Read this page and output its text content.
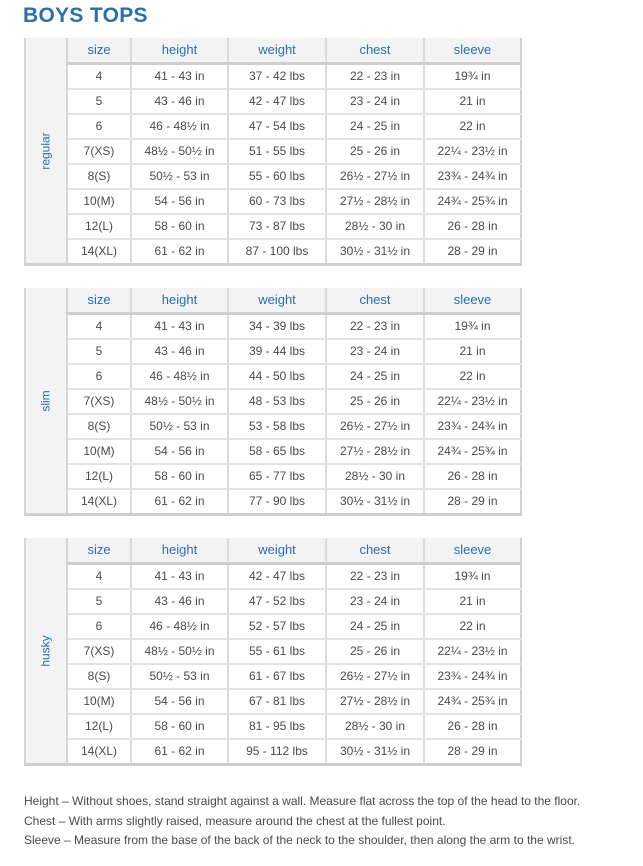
BOYS TOPS
regular	size	height	weight	chest	sleeve
	4	41 - 43 in	37 - 42 lbs	22 - 23 in	19¾ in
	5	43 - 46 in	42 - 47 lbs	23 - 24 in	21 in
	6	46 - 48½ in	47 - 54 lbs	24 - 25 in	22 in
	7(XS)	48½ - 50½ in	51 - 55 lbs	25 - 26 in	22¼ - 23½ in
	8(S)	50½ - 53 in	55 - 60 lbs	26½ - 27½ in	23¾ - 24¾ in
	10(M)	54 - 56 in	60 - 73 lbs	27½ - 28½ in	24¾ - 25¾ in
	12(L)	58 - 60 in	73 - 87 lbs	28½ - 30 in	26 - 28 in
	14(XL)	61 - 62 in	87 - 100 lbs	30½ - 31½ in	28 - 29 in
slim	size	height	weight	chest	sleeve
	4	41 - 43 in	34 - 39 lbs	22 - 23 in	19¾ in
	5	43 - 46 in	39 - 44 lbs	23 - 24 in	21 in
	6	46 - 48½ in	44 - 50 lbs	24 - 25 in	22 in
	7(XS)	48½ - 50½ in	48 - 53 lbs	25 - 26 in	22¼ - 23½ in
	8(S)	50½ - 53 in	53 - 58 lbs	26½ - 27½ in	23¾ - 24¾ in
	10(M)	54 - 56 in	58 - 65 lbs	27½ - 28½ in	24¾ - 25¾ in
	12(L)	58 - 60 in	65 - 77 lbs	28½ - 30 in	26 - 28 in
	14(XL)	61 - 62 in	77 - 90 lbs	30½ - 31½ in	28 - 29 in
husky	size	height	weight	chest	sleeve
	4	41 - 43 in	42 - 47 lbs	22 - 23 in	19¾ in
	5	43 - 46 in	47 - 52 lbs	23 - 24 in	21 in
	6	46 - 48½ in	52 - 57 lbs	24 - 25 in	22 in
	7(XS)	48½ - 50½ in	55 - 61 lbs	25 - 26 in	22¼ - 23½ in
	8(S)	50½ - 53 in	61 - 67 lbs	26½ - 27½ in	23¾ - 24¾ in
	10(M)	54 - 56 in	67 - 81 lbs	27½ - 28½ in	24¾ - 25¾ in
	12(L)	58 - 60 in	81 - 95 lbs	28½ - 30 in	26 - 28 in
	14(XL)	61 - 62 in	95 - 112 lbs	30½ - 31½ in	28 - 29 in
Height – Without shoes, stand straight against a wall. Measure flat across the top of the head to the floor.
Chest – With arms slightly raised, measure around the chest at the fullest point.
Sleeve – Measure from the base of the back of the neck to the shoulder, then along the arm to the wrist.
